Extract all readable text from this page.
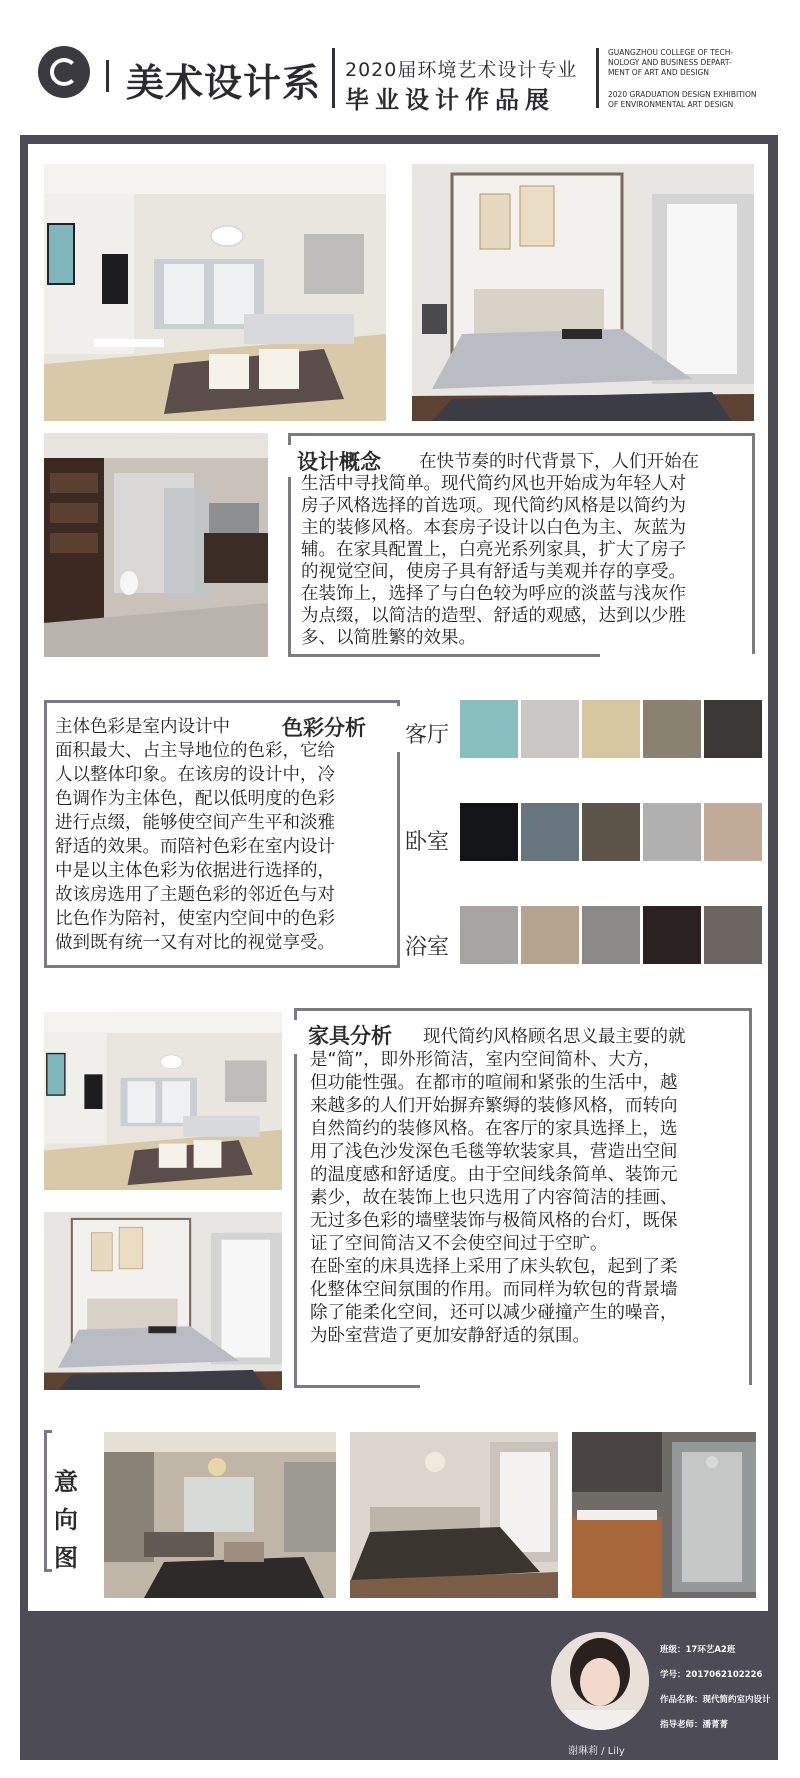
美术设计系 2020届环境艺术设计专业
毕业设计作品展
GUANGZHOU COLLEGE OF TECH-
NOLOGY AND BUSINESS DEPART-
MENT OF ART AND DESIGN
2020 GRADUATION DESIGN EXHIBITION
OF ENVIRONMENTAL ART DESIGN
设计概念 在快节奏的时代背景下，人们开始在
生活中寻找简单。现代简约风也开始成为年轻人对
房子风格选择的首选项。现代简约风格是以简约为
主的装修风格。本套房子设计以白色为主、灰蓝为
辅。在家具配置上，白亮光系列家具，扩大了房子
的视觉空间，使房子具有舒适与美观并存的享受。
在装饰上，选择了与白色较为呼应的淡蓝与浅灰作
为点缀，以简洁的造型、舒适的观感，达到以少胜
多、以简胜繁的效果。
色彩分析
主体色彩是室内设计中
面积最大、占主导地位的色彩，它给
人以整体印象。在该房的设计中，冷
色调作为主体色，配以低明度的色彩
进行点缀，能够使空间产生平和淡雅
舒适的效果。而陪衬色彩在室内设计
中是以主体色彩为依据进行选择的，
故该房选用了主题色彩的邻近色与对
比色作为陪衬，使室内空间中的色彩
做到既有统一又有对比的视觉享受。
客厅
卧室
浴室
家具分析 现代简约风格顾名思义最主要的就
是“简”，即外形简洁，室内空间简朴、大方，
但功能性强。在都市的喧闹和紧张的生活中，越
来越多的人们开始摒弃繁缛的装修风格，而转向
自然简约的装修风格。在客厅的家具选择上，选
用了浅色沙发深色毛毯等软装家具，营造出空间
的温度感和舒适度。由于空间线条简单、装饰元
素少，故在装饰上也只选用了内容简洁的挂画、
无过多色彩的墙壁装饰与极简风格的台灯，既保
证了空间简洁又不会使空间过于空旷。
在卧室的床具选择上采用了床头软包，起到了柔
化整体空间氛围的作用。而同样为软包的背景墙
除了能柔化空间，还可以减少碰撞产生的噪音，
为卧室营造了更加安静舒适的氛围。
意
向
图
谢琳莉 / Lily
班级：17环艺A2班
学号：2017062102226
作品名称：现代简约室内设计
指导老师：潘菁菁
